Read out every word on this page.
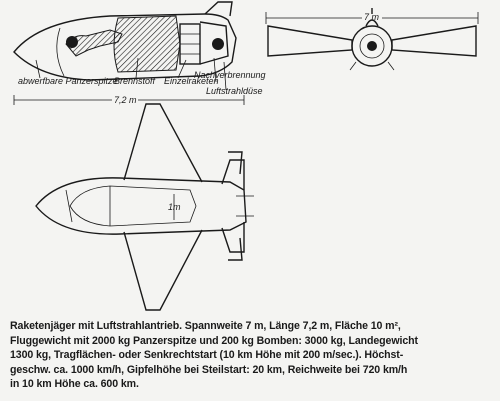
abwerfbare Panzerspitze
Brennstoff Einzelraketen
Nachverbrennung
Luftstrahldüse
7,2 m
7 m
1m
Raketenjäger mit Luftstrahlantrieb. Spannweite 7 m, Länge 7,2 m, Fläche 10 m²,
Fluggewicht mit 2000 kg Panzerspitze und 200 kg Bomben: 3000 kg, Landegewicht
1300 kg, Tragflächen- oder Senkrechtstart (10 km Höhe mit 200 m/sec.). Höchst-
geschw. ca. 1000 km/h, Gipfelhöhe bei Steilstart: 20 km, Reichweite bei 720 km/h
in 10 km Höhe ca. 600 km.
